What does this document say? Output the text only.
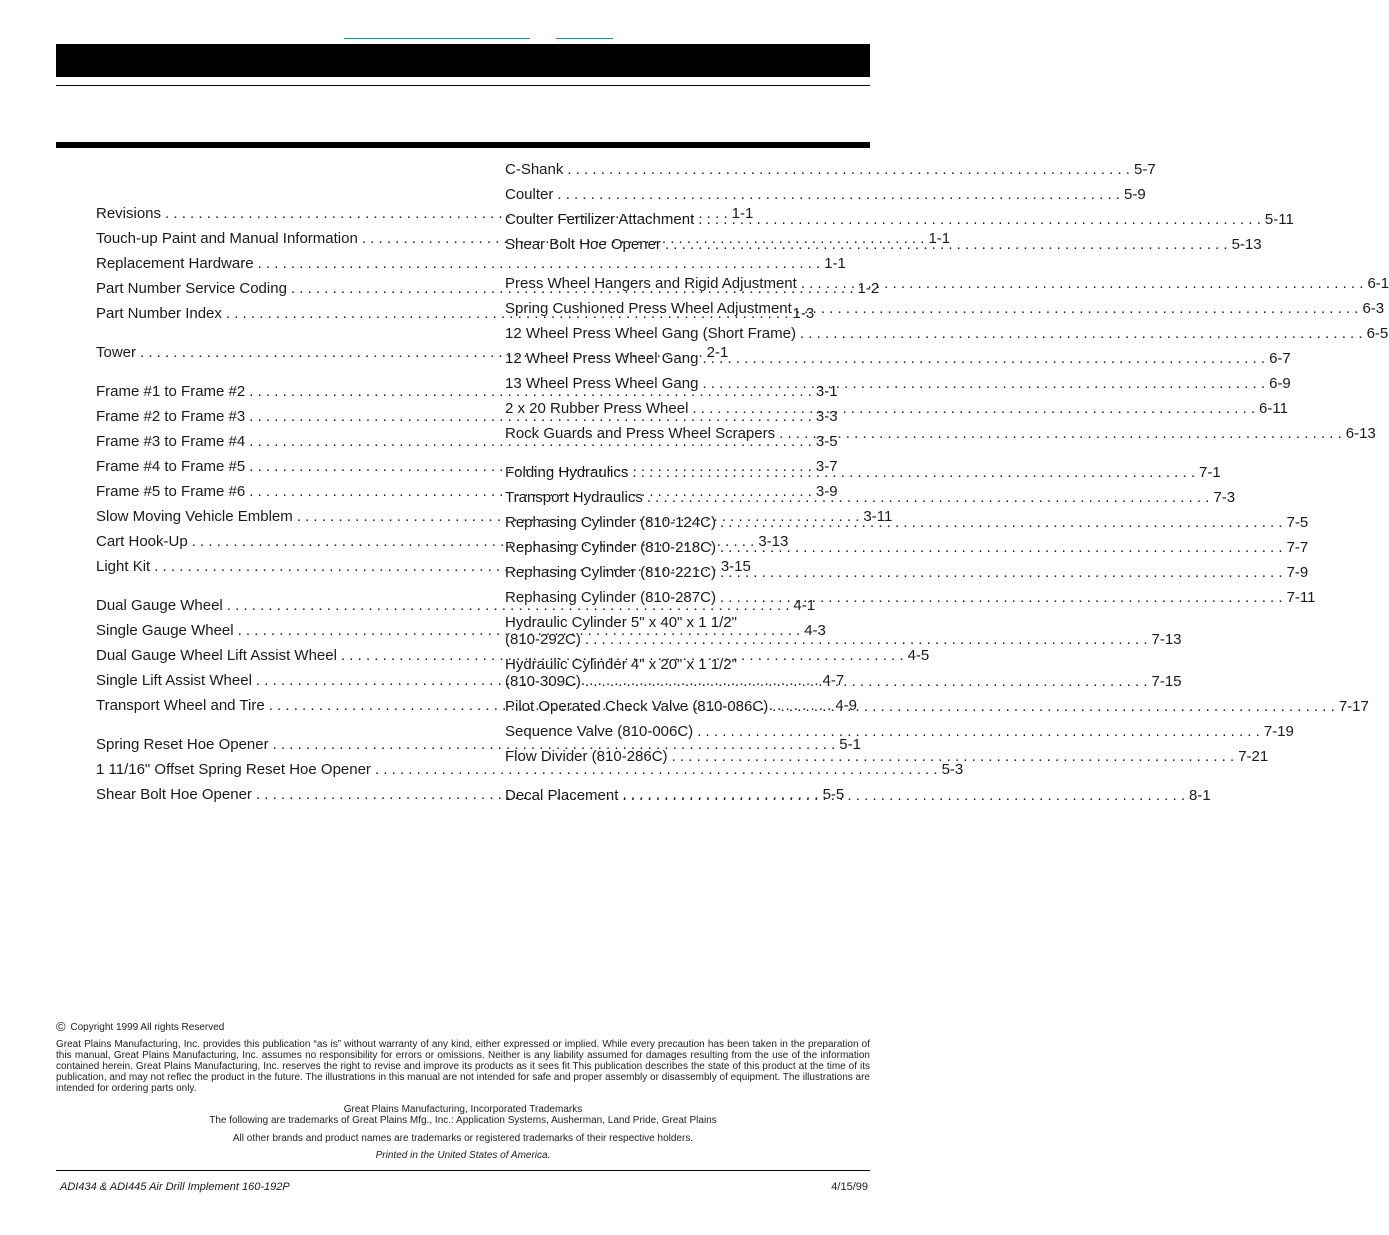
Revisions . . .	1-1
Touch-up Paint and Manual Information . . .	1-1
Replacement Hardware . . .	1-1
Part Number Service Coding . . .	1-2
Part Number Index . . .	1-3
Tower . . .	2-1
Frame #1 to Frame #2 . . .	3-1
Frame #2 to Frame #3 . . .	3-3
Frame #3 to Frame #4 . . .	3-5
Frame #4 to Frame #5 . . .	3-7
Frame #5 to Frame #6 . . .	3-9
Slow Moving Vehicle Emblem . . .	3-11
Cart Hook-Up . . .	3-13
Light Kit . . .	3-15
Dual Gauge Wheel . . .	4-1
Single Gauge Wheel . . .	4-3
Dual Gauge Wheel Lift Assist Wheel . . .	4-5
Single Lift Assist Wheel . . .	4-7
Transport Wheel and Tire . . .	4-9
Spring Reset Hoe Opener . . .	5-1
1 11/16" Offset Spring Reset Hoe Opener . . .	5-3
Shear Bolt Hoe Opener . . .	5-5
C-Shank . . .	5-7
Coulter . . .	5-9
Coulter Fertilizer Attachment . . .	5-11
Shear Bolt Hoe Opener . . .	5-13
Press Wheel Hangers and Rigid Adjustment . . .	6-1
Spring Cushioned Press Wheel Adjustment . . .	6-3
12 Wheel Press Wheel Gang (Short Frame) . . .	6-5
12 Wheel Press Wheel Gang . . .	6-7
13 Wheel Press Wheel Gang . . .	6-9
2 x 20 Rubber Press Wheel . . .	6-11
Rock Guards and Press Wheel Scrapers . . .	6-13
Folding Hydraulics . . .	7-1
Transport Hydraulics . . .	7-3
Rephasing Cylinder (810-124C) . . .	7-5
Rephasing Cylinder (810-218C) . . .	7-7
Rephasing Cylinder (810-221C) . . .	7-9
Rephasing Cylinder (810-287C) . . .	7-11
Hydraulic Cylinder 5" x 40" x 1 1/2"
(810-292C) . . .	7-13
Hydraulic Cylinder 4" x 20" x 1 1/2"
(810-309C) . . .	7-15
Pilot Operated Check Valve (810-086C) . . .	7-17
Sequence Valve (810-006C) . . .	7-19
Flow Divider (810-286C) . . .	7-21
Decal Placement . . .	8-1
© Copyright 1999 All rights Reserved
Great Plains Manufacturing, Inc. provides this publication “as is” without warranty of any kind, either expressed or implied. While every precaution has been taken in the preparation of this manual, Great Plains Manufacturing, Inc. assumes no responsibility for errors or omissions. Neither is any liability assumed for damages resulting from the use of the information contained herein. Great Plains Manufacturing, Inc. reserves the right to revise and improve its products as it sees fit This publication describes the state of this product at the time of its publication, and may not reflec the product in the future. The illustrations in this manual are not intended for safe and proper assembly or disassembly of equipment. The illustrations are intended for ordering parts only.
Great Plains Manufacturing, Incorporated Trademarks
The following are trademarks of Great Plains Mfg., Inc.: Application Systems, Ausherman, Land Pride, Great Plains
All other brands and product names are trademarks or registered trademarks of their respective holders.
Printed in the United States of America.
ADI434 & ADI445 Air Drill Implement 160-192P	4/15/99
